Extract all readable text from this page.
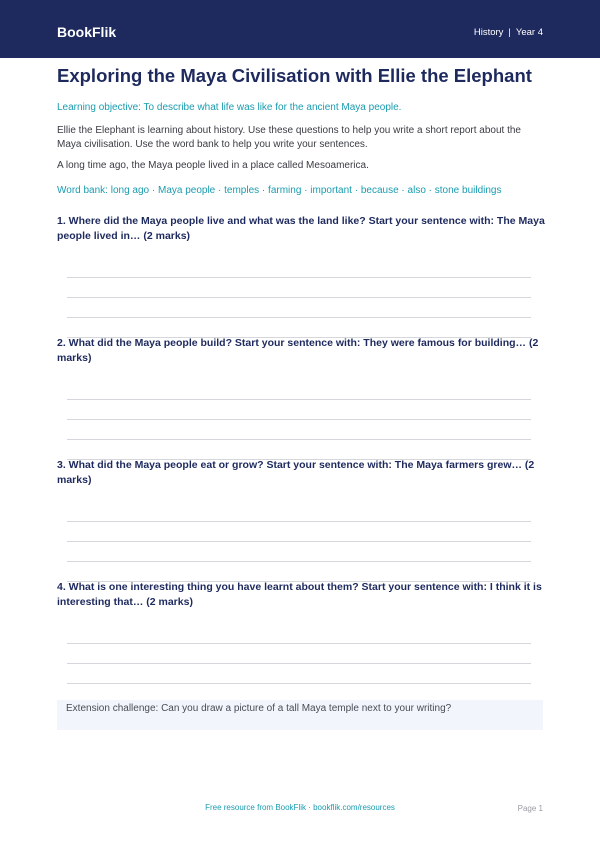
BookFlik	History | Year 4
Exploring the Maya Civilisation with Ellie the Elephant
Learning objective: To describe what life was like for the ancient Maya people.
Ellie the Elephant is learning about history. Use these questions to help you write a short report about the Maya civilisation. Use the word bank to help you write your sentences.
A long time ago, the Maya people lived in a place called Mesoamerica.
Word bank: long ago · Maya people · temples · farming · important · because · also · stone buildings
1. Where did the Maya people live and what was the land like? Start your sentence with: The Maya people lived in… (2 marks)
2. What did the Maya people build? Start your sentence with: They were famous for building… (2 marks)
3. What did the Maya people eat or grow? Start your sentence with: The Maya farmers grew… (2 marks)
4. What is one interesting thing you have learnt about them? Start your sentence with: I think it is interesting that… (2 marks)
Extension challenge: Can you draw a picture of a tall Maya temple next to your writing?
Free resource from BookFlik · bookflik.com/resources	Page 1
